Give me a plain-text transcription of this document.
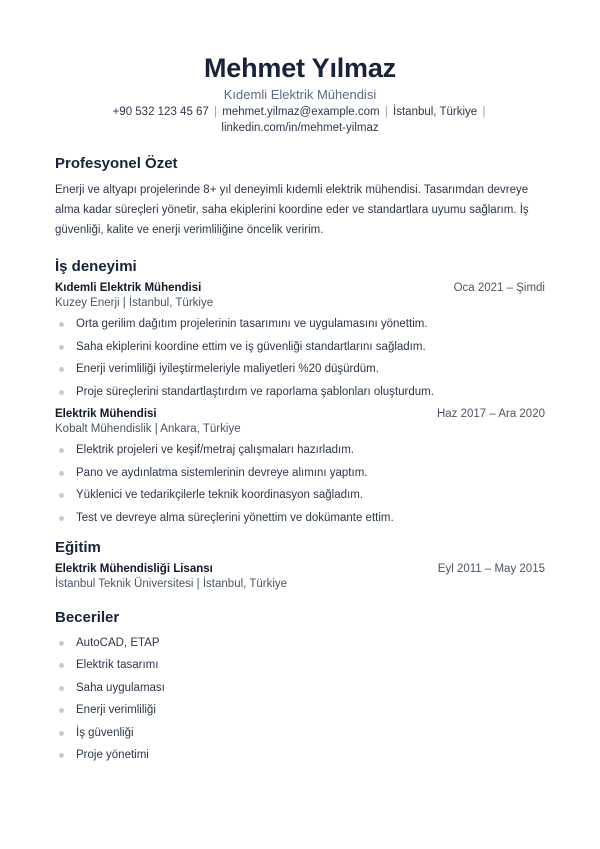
Mehmet Yılmaz
Kıdemli Elektrik Mühendisi
+90 532 123 45 67 | mehmet.yilmaz@example.com | İstanbul, Türkiye |
linkedin.com/in/mehmet-yilmaz
Profesyonel Özet
Enerji ve altyapı projelerinde 8+ yıl deneyimli kıdemli elektrik mühendisi. Tasarımdan devreye alma kadar süreçleri yönetir, saha ekiplerini koordine eder ve standartlara uyumu sağlarım. İş güvenliği, kalite ve enerji verimliliğine öncelik veririm.
İş deneyimi
Kıdemli Elektrik Mühendisi	Oca 2021 – Şimdi
Kuzey Enerji | İstanbul, Türkiye
Orta gerilim dağıtım projelerinin tasarımını ve uygulamasını yönettim.
Saha ekiplerini koordine ettim ve iş güvenliği standartlarını sağladım.
Enerji verimliliği iyileştirmeleriyle maliyetleri %20 düşürdüm.
Proje süreçlerini standartlaştırdım ve raporlama şablonları oluşturdum.
Elektrik Mühendisi	Haz 2017 – Ara 2020
Kobalt Mühendislik | Ankara, Türkiye
Elektrik projeleri ve keşif/metraj çalışmaları hazırladım.
Pano ve aydınlatma sistemlerinin devreye alımını yaptım.
Yüklenici ve tedarikçilerle teknik koordinasyon sağladım.
Test ve devreye alma süreçlerini yönettim ve dokümante ettim.
Eğitim
Elektrik Mühendisliği Lisansı	Eyl 2011 – May 2015
İstanbul Teknik Üniversitesi | İstanbul, Türkiye
Beceriler
AutoCAD, ETAP
Elektrik tasarımı
Saha uygulaması
Enerji verimliliği
İş güvenliği
Proje yönetimi
